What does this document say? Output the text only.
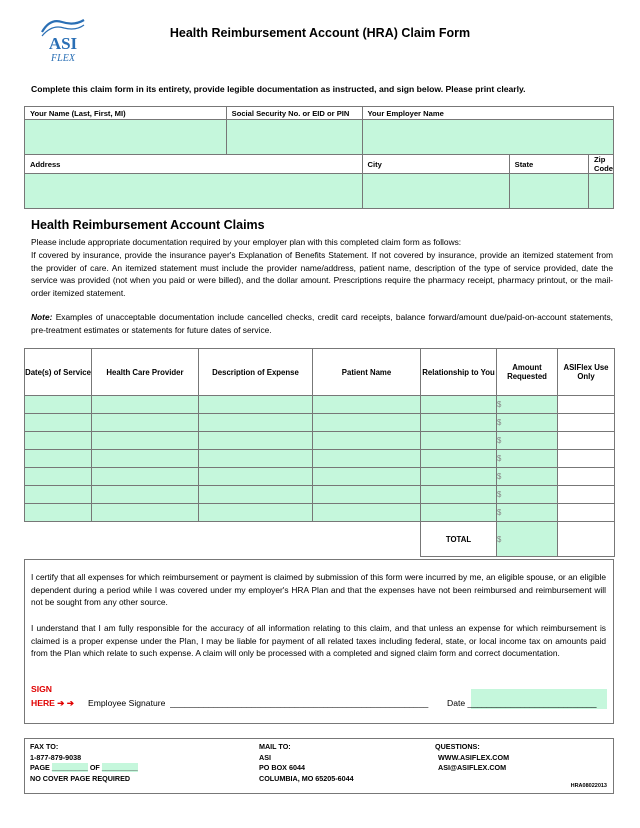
ASI
FLEX
Health Reimbursement Account (HRA) Claim Form
Complete this claim form in its entirety, provide legible documentation as instructed, and sign below. Please print clearly.
Your Name (Last, First, MI)	Social Security No. or EID or PIN	Your Employer Name		

Address		City	State	Zip Code

Health Reimbursement Account Claims
Please include appropriate documentation required by your employer plan with this completed claim form as follows:
If covered by insurance, provide the insurance payer's Explanation of Benefits Statement. If not covered by insurance, provide an itemized statement from the provider of care. An itemized statement must include the provider name/address, patient name, description of the type of service provided, date the service was provided (not when you paid or were billed), and the dollar amount. Prescriptions require the pharmacy receipt, pharmacy printout, or the mail-order itemized statement.
Note: Examples of unacceptable documentation include cancelled checks, credit card receipts, balance forward/amount due/paid-on-account statements, pre-treatment estimates or statements for future dates of service.
Date(s) of Service	Health Care Provider	Description of Expense	Patient Name	Relationship to You	Amount Requested	ASIFlex Use Only
					$	
					$	
					$	
					$	
					$	
					$	
					$	
				TOTAL	$	
I certify that all expenses for which reimbursement or payment is claimed by submission of this form were incurred by me, an eligible spouse, or an eligible dependent during a period while I was covered under my employer's HRA Plan and that the expenses have not been reimbursed and reimbursement will not be sought from any other source.
I understand that I am fully responsible for the accuracy of all information relating to this claim, and that unless an expense for which reimbursement is claimed is a proper expense under the Plan, I may be liable for payment of all related taxes including federal, state, or local income tax on amounts paid from the Plan which relate to such expense. A claim will only be processed with a completed and signed claim form and correct documentation.
SIGN
HERE ➔ ➔ Employee Signature ______________________________________________________ Date ___________________________
FAX TO:
1-877-879-9038
PAGE _________ OF _________
NO COVER PAGE REQUIRED
MAIL TO:
ASI
PO BOX 6044
COLUMBIA, MO 65205-6044
QUESTIONS:
WWW.ASIFLEX.COM
ASI@ASIFLEX.COM
HRA08022013
